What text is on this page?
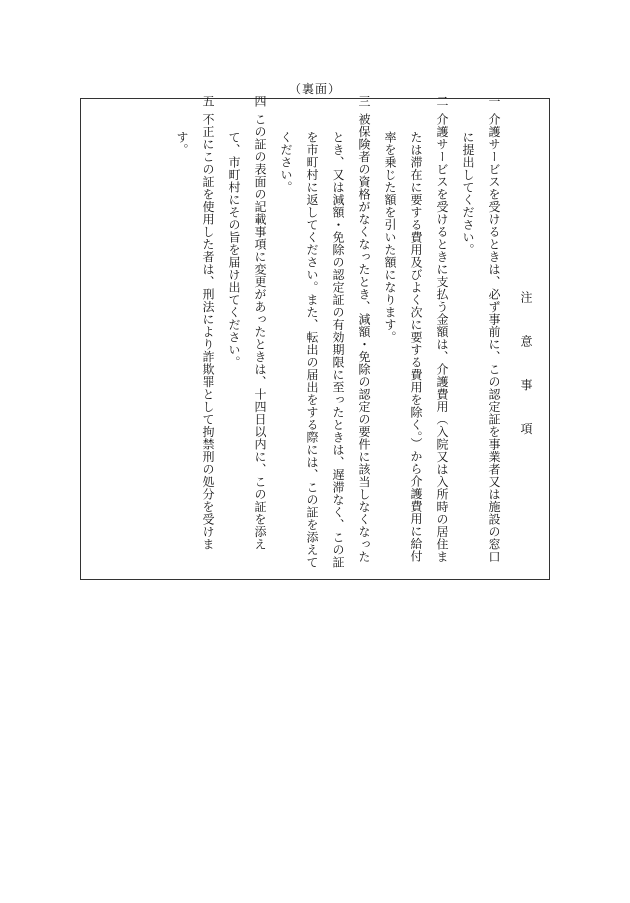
（裏面）
注 意 事 項
一介護サービスを受けるときは、必ず事前に、この認定証を事業者又は施設の窓口に提出してください。
二介護サービスを受けるときに支払う金額は、介護費用（入院又は入所時の居住または滞在に要する費用及びよく次に要する費用を除く。）から介護費用に給付率を乗じた額を引いた額になります。
三被保険者の資格がなくなったとき、減額・免除の認定の要件に該当しなくなったとき、又は減額・免除の認定証の有効期限に至ったときは、遅滞なく、この証を市町村に返してください。また、転出の届出をする際には、この証を添えてください。
四この証の表面の記載事項に変更があったときは、十四日以内に、この証を添えて、市町村にその旨を届け出てください。
五不正にこの証を使用した者は、刑法により詐欺罪として拘禁刑の処分を受けます。
